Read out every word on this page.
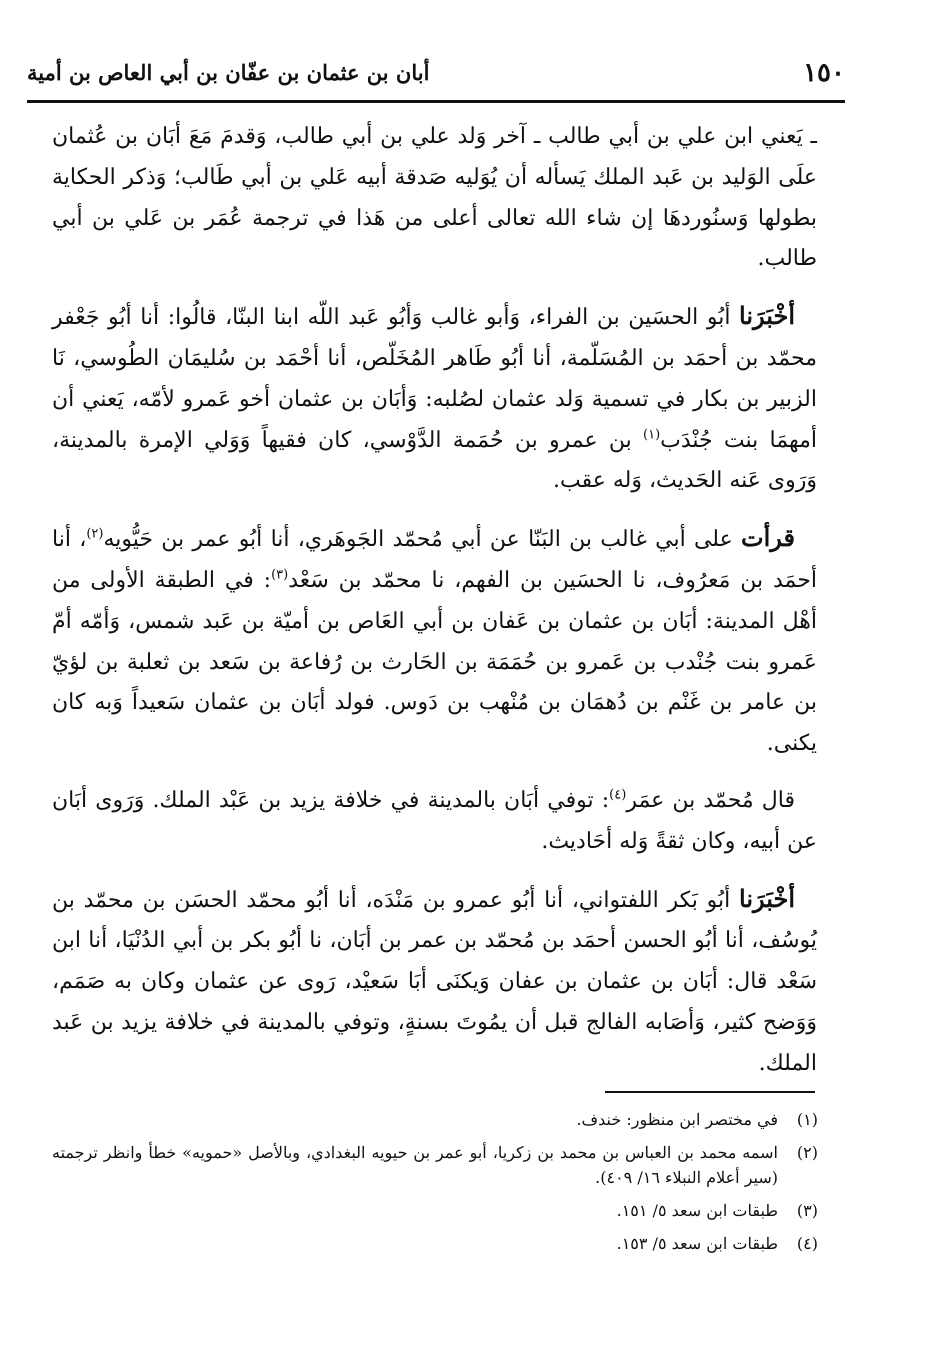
١٥٠
أبان بن عثمان بن عفّان بن أبي العاص بن أمية

ـ يَعني ابن علي بن أبي طالب ـ آخر وَلد علي بن أبي طالب، وَقدمَ مَعَ أبَان بن عُثمان علَى الوَليد بن عَبد الملك يَسأله أن يُوَليه صَدقة أبيه عَلي بن أبي طَالب؛ وَذكر الحكاية بطولها وَسنُوردهَا إن شاء الله تعالى أعلى من هَذا في ترجمة عُمَر بن عَلي بن أبي طالب.

أخْبَرَنا أبُو الحسَين بن الفراء، وَأبو غالب وَأبُو عَبد اللّه ابنا البنّا، قالُوا: أنا أبُو جَعْفر محمّد بن أحمَد بن المُسَلّمة، أنا أبُو طَاهر المُخَلّص، أنا أحْمَد بن سُليمَان الطُوسي، نَا الزبير بن بكار في تسمية وَلد عثمان لصُلبه: وَأبَان بن عثمان أخو عَمرو لأمّه، يَعني أن أمهمَا بنت جُنْدَب$^{(١)}$ بن عمرو بن حُمَمة الدَّوْسي، كان فقيهاً وَوَلي الإمرة بالمدينة، وَرَوى عَنه الحَديث، وَله عقب.

قرأت على أبي غالب بن البَنّا عن أبي مُحمّد الجَوهَري، أنا أبُو عمر بن حَيُّويه$^{(٢)}$، أنا أحمَد بن مَعرُوف، نا الحسَين بن الفهم، نا محمّد بن سَعْد$^{(٣)}$: في الطبقة الأولى من أهْل المدينة: أبَان بن عثمان بن عَفان بن أبي العَاص بن أميّة بن عَبد شمس، وَأمّه أمّ عَمرو بنت جُنْدب بن عَمرو بن حُمَمَة بن الحَارث بن رُفاعة بن سَعد بن ثعلبة بن لؤيّ بن عامر بن غَنْم بن دُهمَان بن مُنْهب بن دَوس. فولد أبَان بن عثمان سَعيداً وَبه كان يكنى.

قال مُحمّد بن عمَر$^{(٤)}$: توفي أبَان بالمدينة في خلافة يزيد بن عَبْد الملك. وَرَوى أبَان عن أبيه، وكان ثقةً وَله أحَاديث.

أخْبَرَنا أبُو بَكر اللفتواني، أنا أبُو عمرو بن مَنْدَه، أنا أبُو محمّد الحسَن بن محمّد بن يُوسُف، أنا أبُو الحسن أحمَد بن مُحمّد بن عمر بن أبَان، نا أبُو بكر بن أبي الدُنْيَا، أنا ابن سَعْد قال: أبَان بن عثمان بن عفان وَيكنَى أبَا سَعيْد، رَوى عن عثمان وكان به صَمَم، وَوَضح كثير، وَأصَابه الفالج قبل أن يمُوتَ بسنةٍ، وتوفي بالمدينة في خلافة يزيد بن عَبد الملك.

(١)
في مختصر ابن منظور: خندف.
(٢)
اسمه محمد بن العباس بن محمد بن زكريا، أبو عمر بن حيويه البغدادي، وبالأصل «حمويه» خطأ وانظر ترجمته (سير أعلام النبلاء ١٦/ ٤٠٩).
(٣)
طبقات ابن سعد ٥/ ١٥١.
(٤)
طبقات ابن سعد ٥/ ١٥٣.
